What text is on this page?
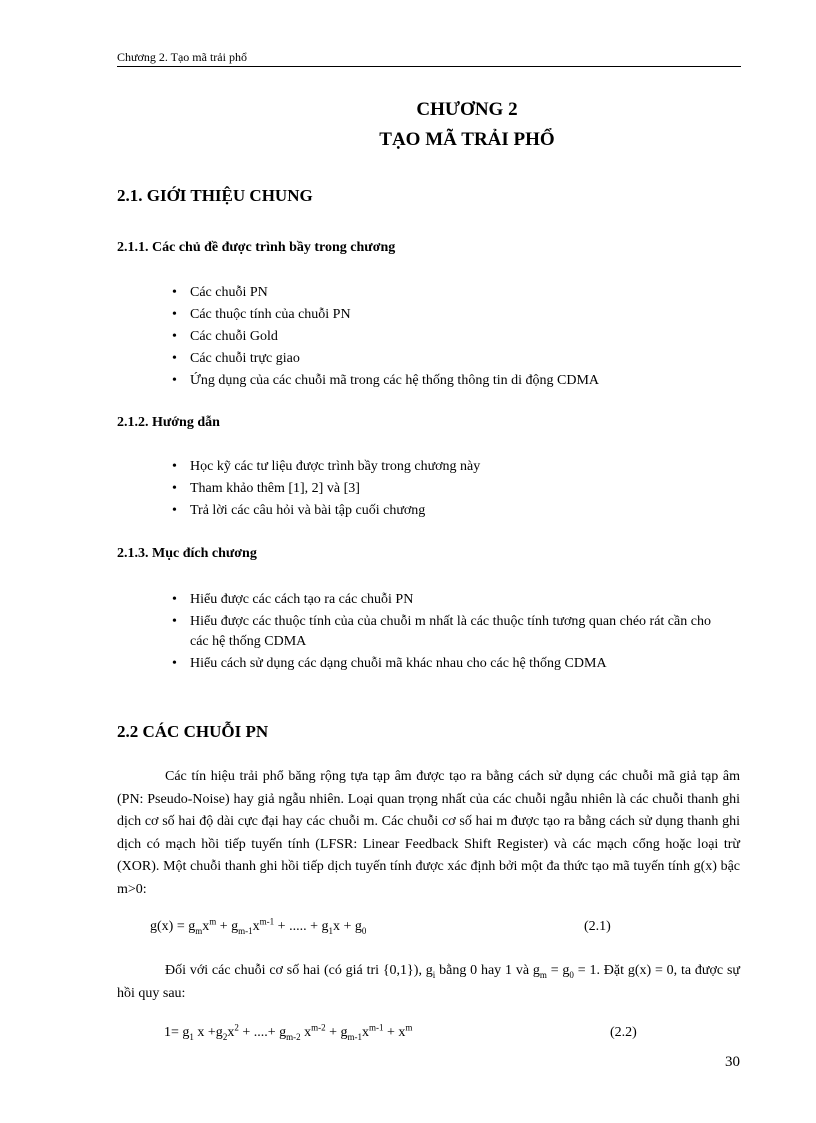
Chương 2. Tạo mã trải phổ
CHƯƠNG 2
TẠO MÃ TRẢI PHỔ
2.1. GIỚI THIỆU CHUNG
2.1.1. Các chủ đề được trình bầy trong chương
• Các chuỗi PN
• Các thuộc tính của chuỗi PN
• Các chuỗi Gold
• Các chuỗi trực giao
• Ứng dụng của các chuỗi mã trong các hệ thống thông tin di động CDMA
2.1.2. Hướng dẫn
• Học kỹ các tư liệu được trình bầy trong chương này
• Tham khảo thêm [1], 2] và [3]
• Trả lời các câu hỏi và bài tập cuối chương
2.1.3. Mục đích chương
• Hiểu được các cách tạo ra các chuỗi PN
• Hiểu được các thuộc tính của của chuỗi m nhất là các thuộc tính tương quan chéo rát cần cho các hệ thống CDMA
• Hiểu cách sử dụng các dạng chuỗi mã khác nhau cho các hệ thống CDMA
2.2 CÁC CHUỖI PN

Các tín hiệu trải phổ băng rộng tựa tạp âm được tạo ra bằng cách sử dụng các chuỗi mã giả tạp âm (PN: Pseudo-Noise) hay giả ngẫu nhiên. Loại quan trọng nhất của các chuỗi ngẫu nhiên là các chuỗi thanh ghi dịch cơ số hai độ dài cực đại hay các chuỗi m. Các chuỗi cơ số hai m được tạo ra bằng cách sử dụng thanh ghi dịch có mạch hồi tiếp tuyến tính (LFSR: Linear Feedback Shift Register) và các mạch cổng hoặc loại trừ (XOR). Một chuỗi thanh ghi hồi tiếp dịch tuyến tính được xác định bởi một đa thức tạo mã tuyến tính g(x) bậc m>0:

$g(x) = g_mx^m + g_{m-1}x^{m-1}$ + ..... + $g_1x + g_0$	(2.1)

Đối với các chuỗi cơ số hai (có giá tri {0,1}), $g_i$ bằng 0 hay 1 và $g_m = g_0 = 1$. Đặt g(x) = 0, ta được sự hồi quy sau:

$1= g_1$ $x +g_2x^2$ + ....+ $g_{m-2}$ $x^{m-2} + g_{m-1}x^{m-1} + x^m$	(2.2)
30
